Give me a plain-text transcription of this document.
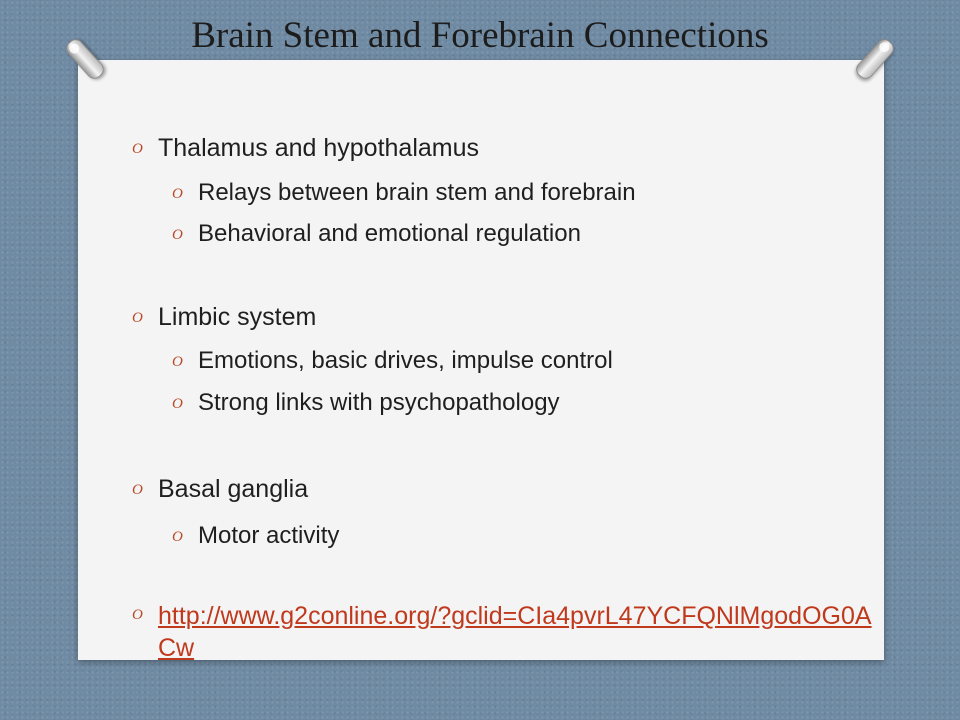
Brain Stem and Forebrain Connections
O Thalamus and hypothalamus
O Relays between brain stem and forebrain
O Behavioral and emotional regulation
O Limbic system
O Emotions, basic drives, impulse control
O Strong links with psychopathology
O Basal ganglia
O Motor activity
O http://www.g2conline.org/?gclid=CIa4pvrL47YCFQNlMgodOG0ACw
